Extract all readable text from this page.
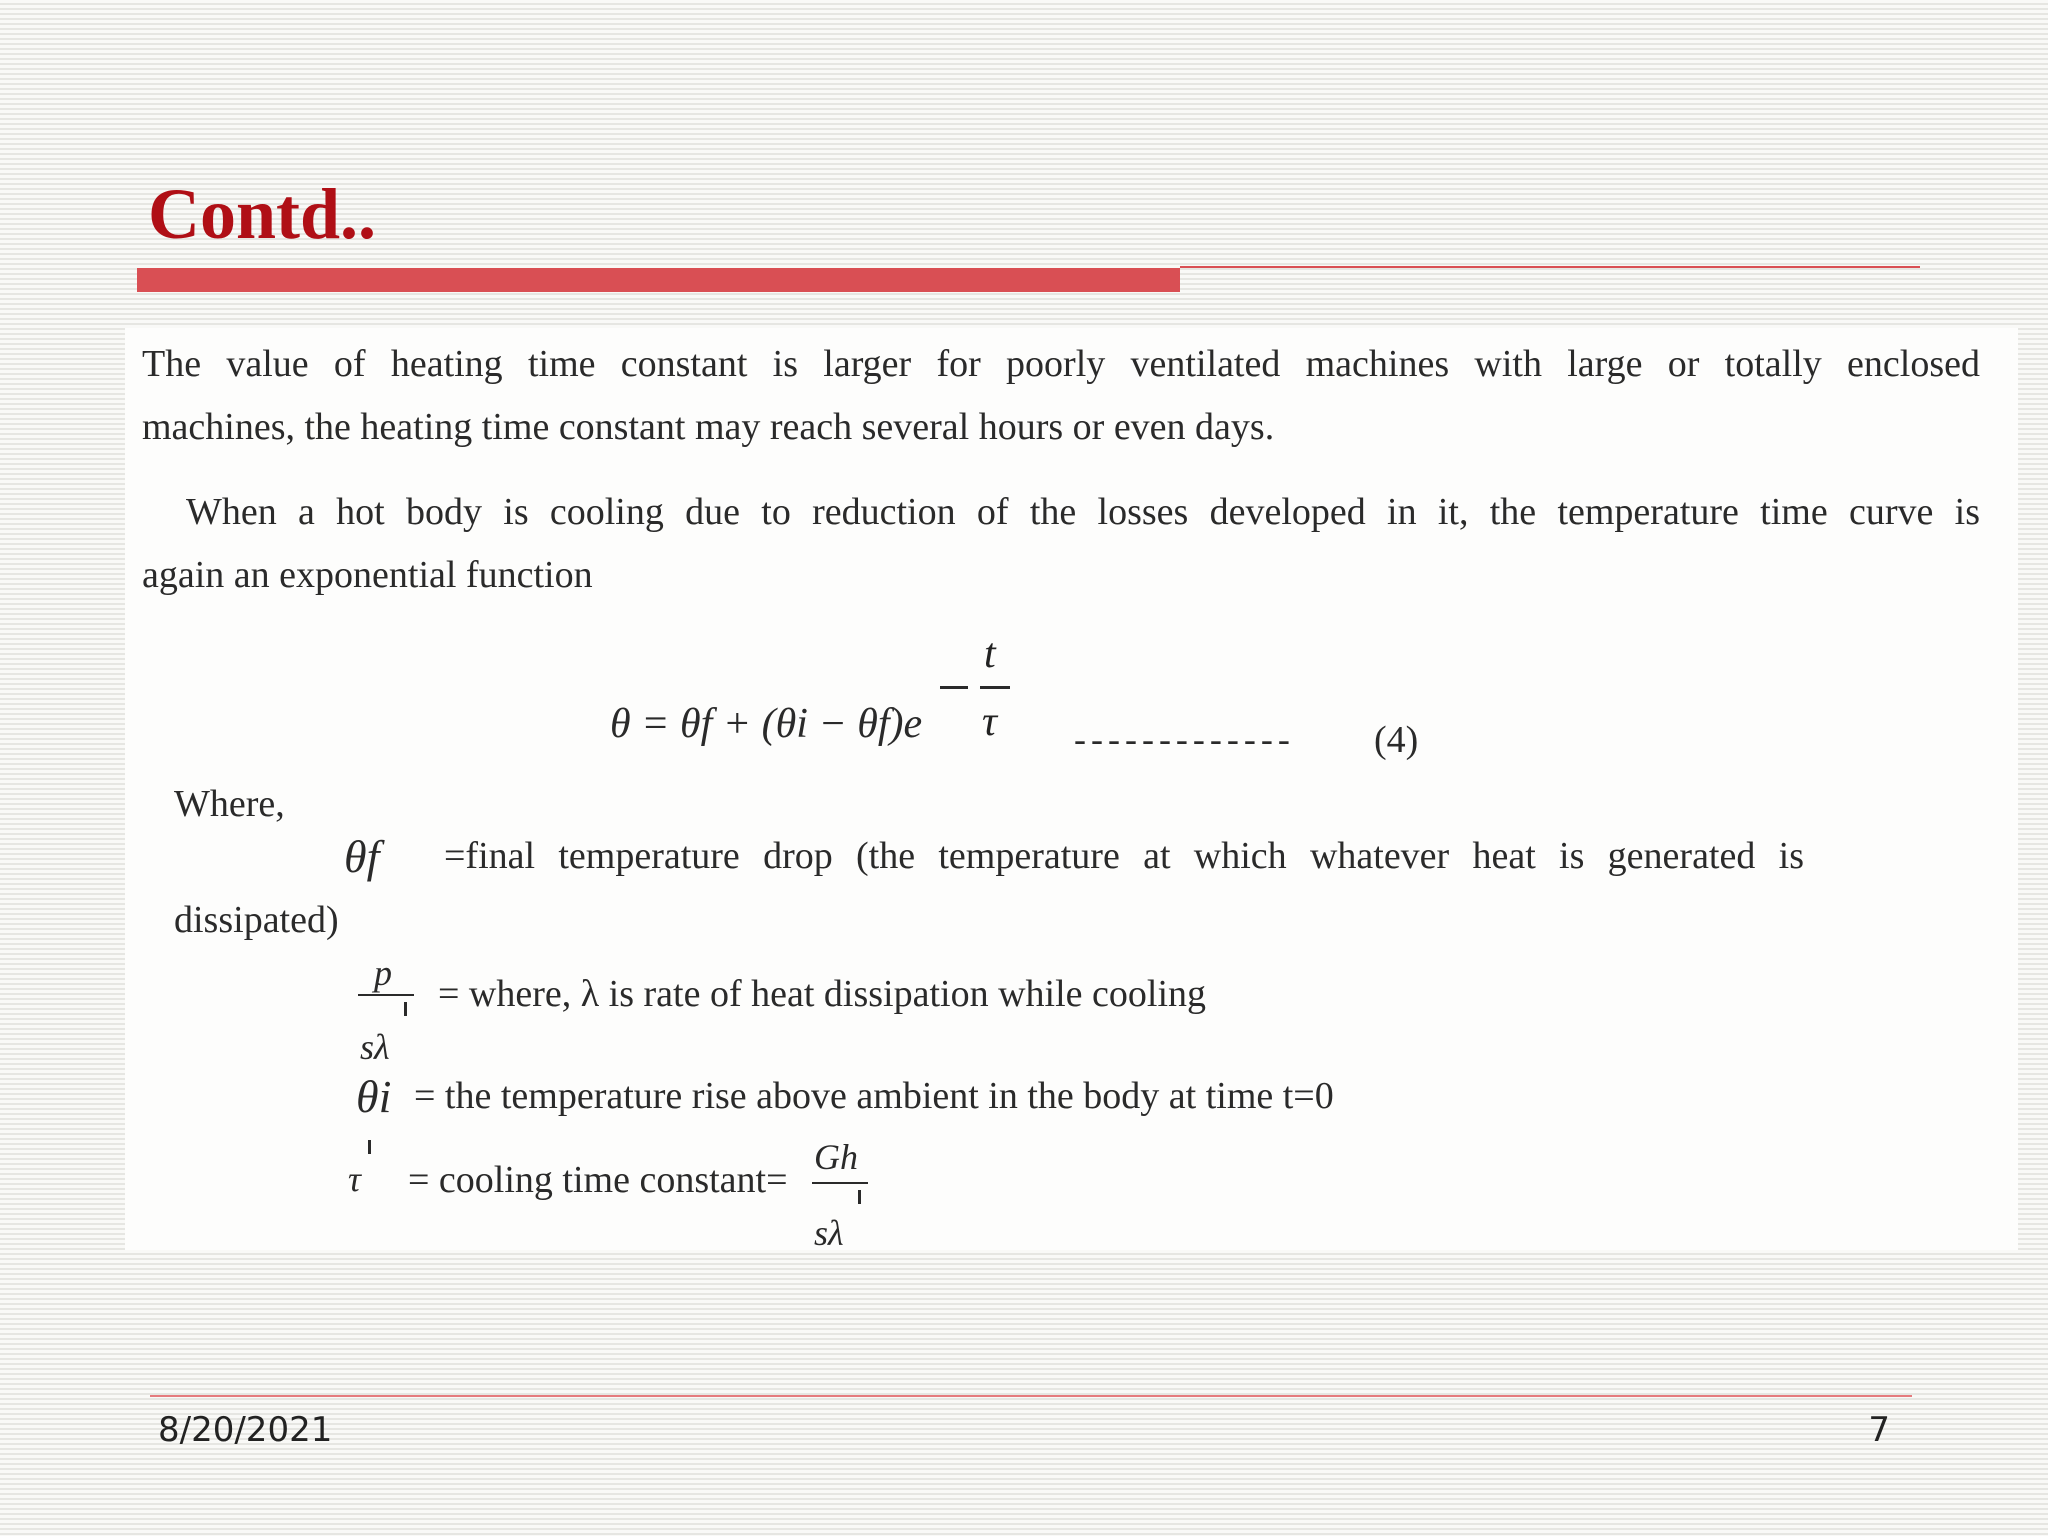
Contd..

The value of heating time constant is larger for poorly ventilated machines with large or totally enclosed
machines, the heating time constant may reach several hours or even days.

When a hot body is cooling due to reduction of the losses developed in it, the temperature time curve is
again an exponential function

θ = θf + (θi − θf)e
t
τ ------------- (4)
Where,
θf =final temperature drop (the temperature at which whatever heat is generated is
dissipated)
p
sλ
= where, λ is rate of heat dissipation while cooling
θi = the temperature rise above ambient in the body at time t=0
τ = cooling time constant=
Gh
sλ
8/20/2021	7
